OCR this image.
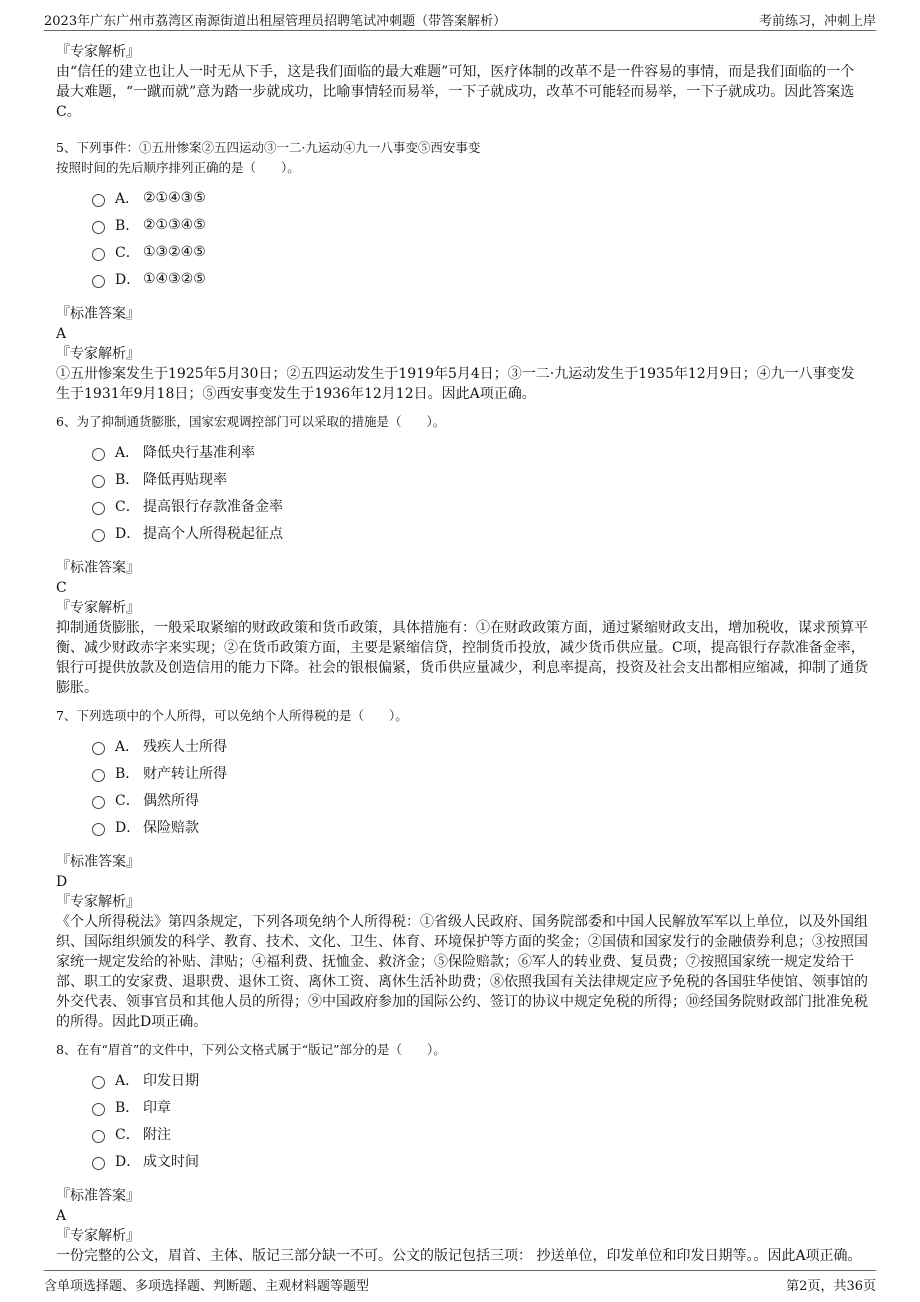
2023年广东广州市荔湾区南源街道出租屋管理员招聘笔试冲刺题（带答案解析）	考前练习，冲刺上岸
『专家解析』
由“信任的建立也让人一时无从下手，这是我们面临的最大难题”可知，医疗体制的改革不是一件容易的事情，而是我们面临的一个最大难题，“一蹴而就”意为踏一步就成功，比喻事情轻而易举，一下子就成功，改革不可能轻而易举，一下子就成功。因此答案选C。
5、下列事件：①五卅惨案②五四运动③一二·九运动④九一八事变⑤西安事变
按照时间的先后顺序排列正确的是（　　）。
A． ②①④③⑤
B． ②①③④⑤
C． ①③②④⑤
D． ①④③②⑤
『标准答案』
A
『专家解析』
①五卅惨案发生于1925年5月30日；②五四运动发生于1919年5月4日；③一二·九运动发生于1935年12月9日；④九一八事变发生于1931年9月18日；⑤西安事变发生于1936年12月12日。因此A项正确。
6、为了抑制通货膨胀，国家宏观调控部门可以采取的措施是（　　）。
A． 降低央行基准利率
B． 降低再贴现率
C． 提高银行存款准备金率
D． 提高个人所得税起征点
『标准答案』
C
『专家解析』
抑制通货膨胀，一般采取紧缩的财政政策和货币政策，具体措施有：①在财政政策方面，通过紧缩财政支出，增加税收，谋求预算平衡、减少财政赤字来实现；②在货币政策方面，主要是紧缩信贷，控制货币投放，减少货币供应量。C项，提高银行存款准备金率，银行可提供放款及创造信用的能力下降。社会的银根偏紧，货币供应量减少，利息率提高，投资及社会支出都相应缩减，抑制了通货膨胀。
7、下列选项中的个人所得，可以免纳个人所得税的是（　　）。
A． 残疾人士所得
B． 财产转让所得
C． 偶然所得
D． 保险赔款
『标准答案』
D
『专家解析』
《个人所得税法》第四条规定，下列各项免纳个人所得税：①省级人民政府、国务院部委和中国人民解放军军以上单位，以及外国组织、国际组织颁发的科学、教育、技术、文化、卫生、体育、环境保护等方面的奖金；②国债和国家发行的金融债券利息；③按照国家统一规定发给的补贴、津贴；④福利费、抚恤金、救济金；⑤保险赔款；⑥军人的转业费、复员费；⑦按照国家统一规定发给干部、职工的安家费、退职费、退休工资、离休工资、离休生活补助费；⑧依照我国有关法律规定应予免税的各国驻华使馆、领事馆的外交代表、领事官员和其他人员的所得；⑨中国政府参加的国际公约、签订的协议中规定免税的所得；⑩经国务院财政部门批准免税的所得。因此D项正确。
8、在有“眉首”的文件中，下列公文格式属于“版记”部分的是（　　）。
A． 印发日期
B． 印章
C． 附注
D． 成文时间
『标准答案』
A
『专家解析』
一份完整的公文，眉首、主体、版记三部分缺一不可。公文的版记包括三项： 抄送单位，印发单位和印发日期等。。因此A项正确。
含单项选择题、多项选择题、判断题、主观材料题等题型	第2页，共36页
